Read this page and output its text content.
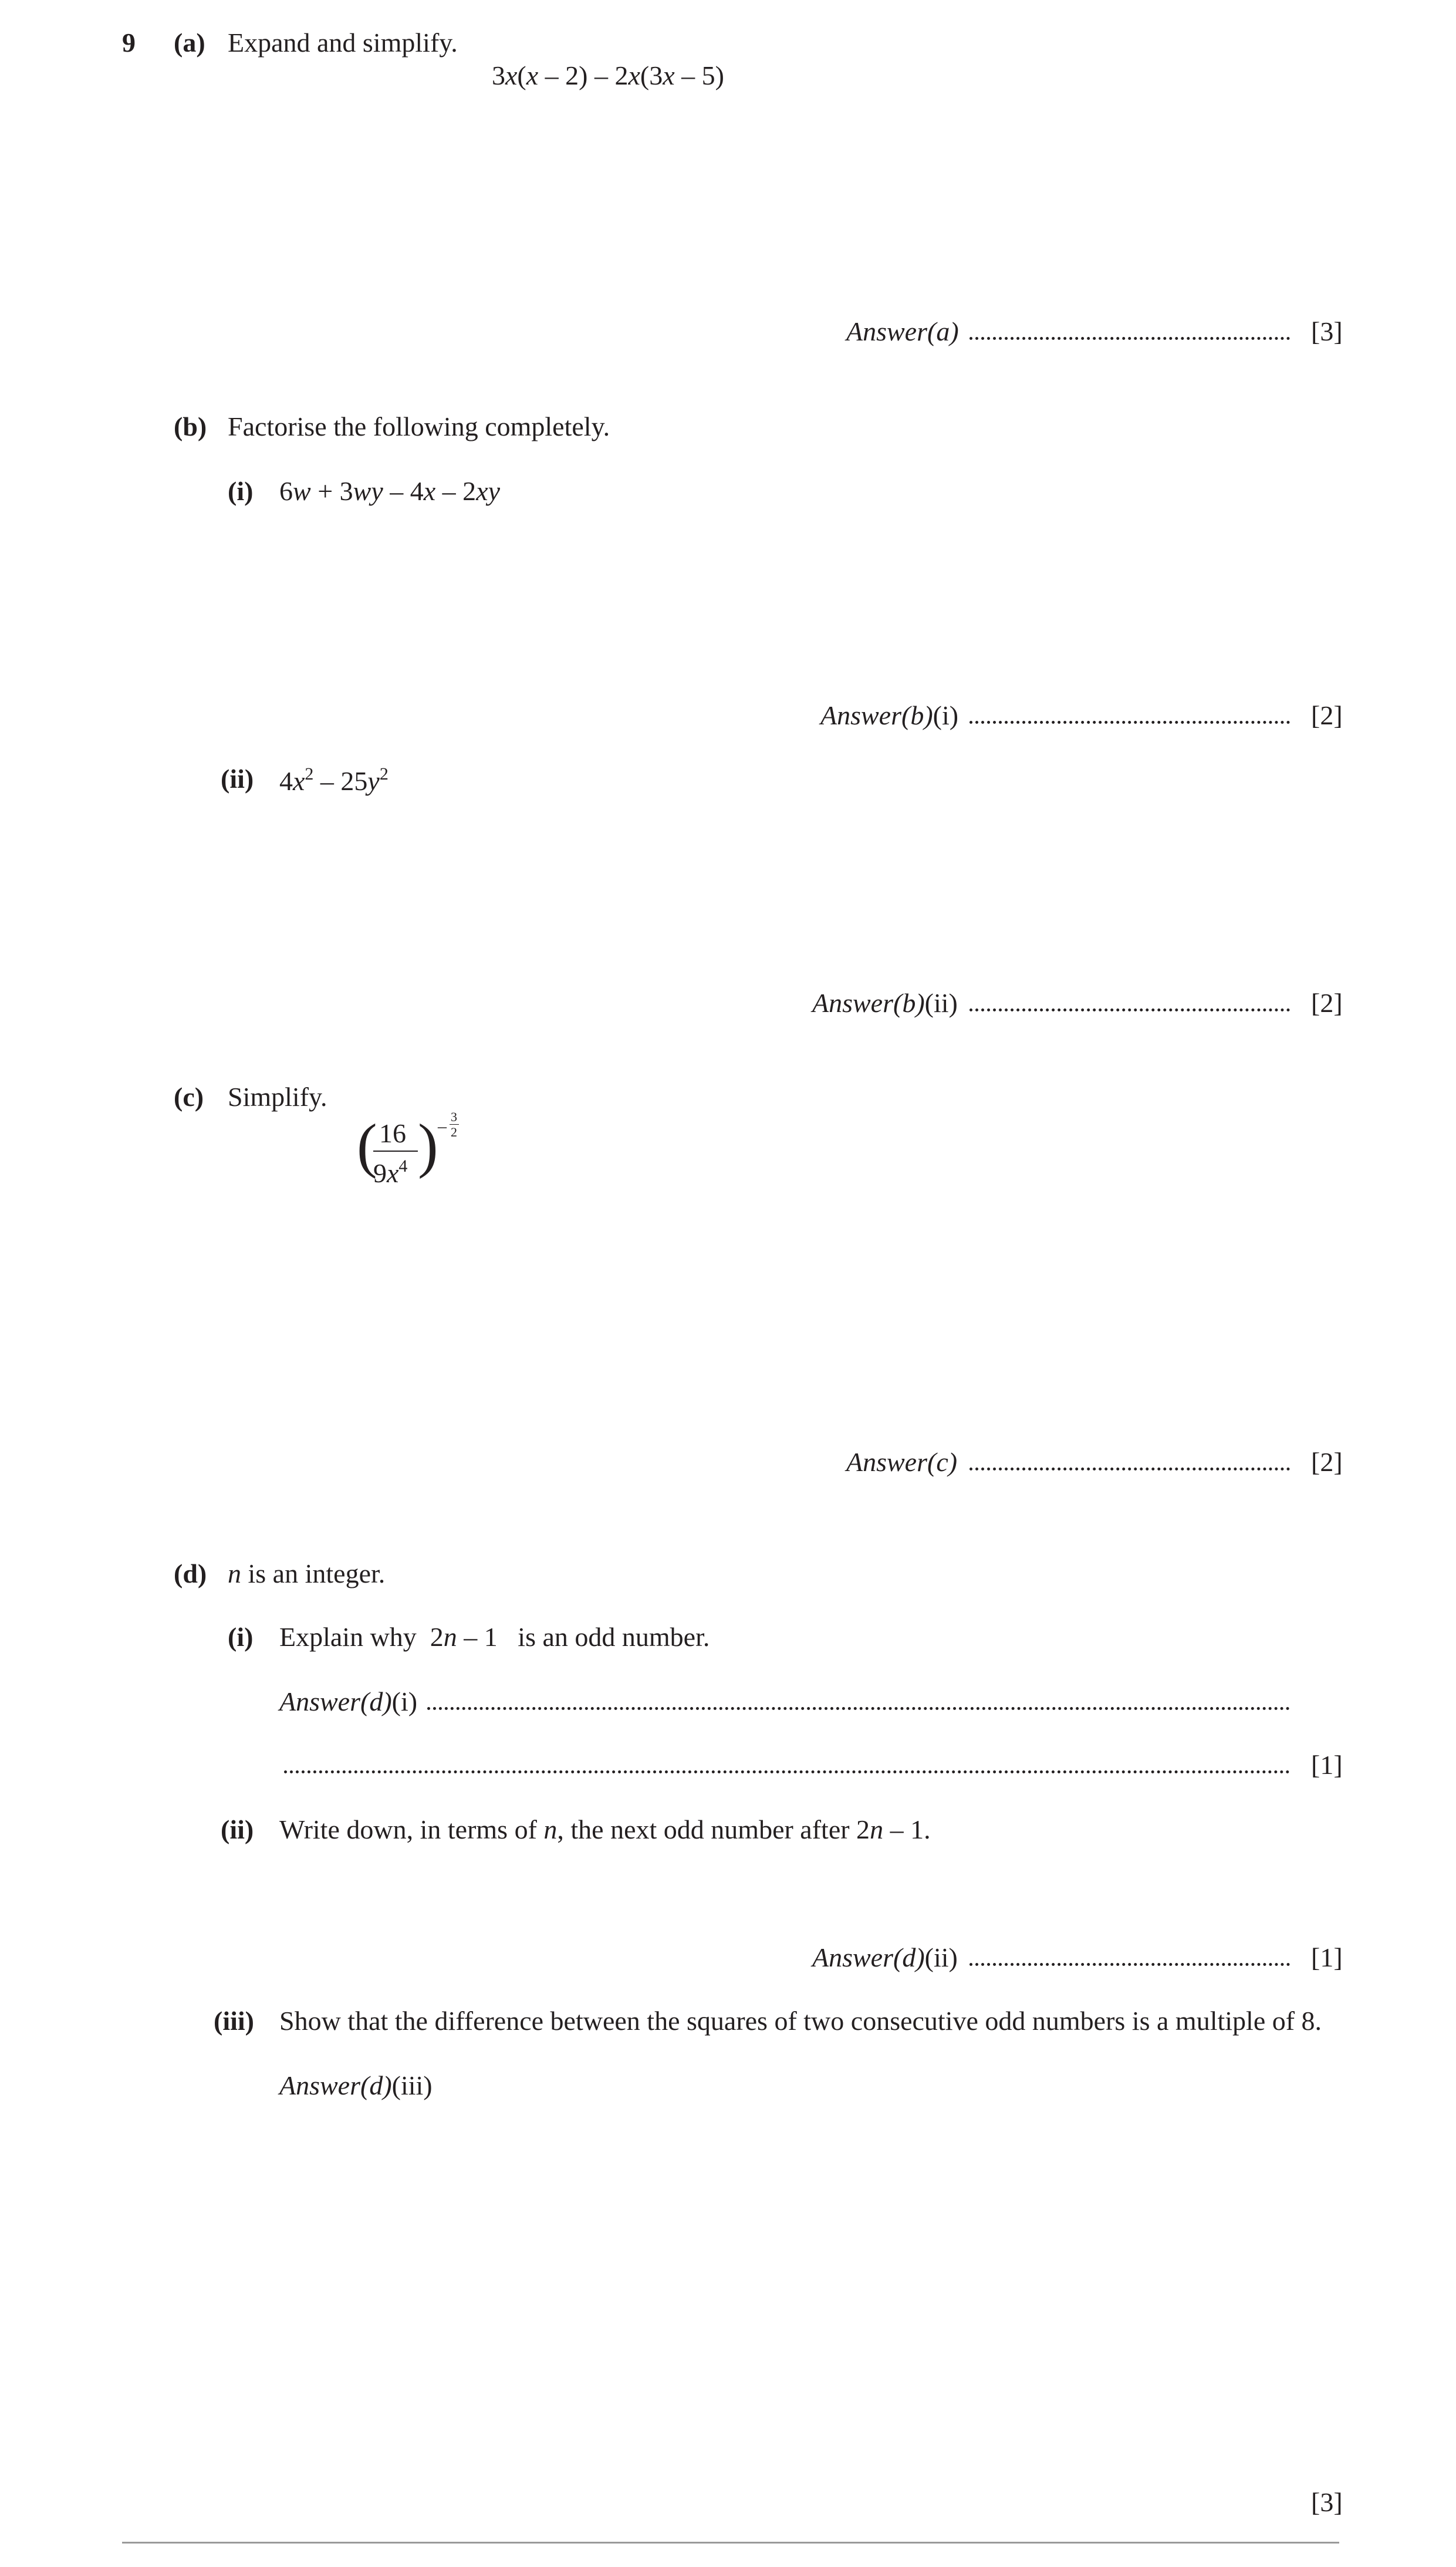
9 (a) Expand and simplify.
3x(x – 2) – 2x(3x – 5)
Answer(a)	[3]
(b) Factorise the following completely.
(i) 6w + 3wy – 4x – 2xy
Answer(b)(i)	[2]
(ii) $4x^2 - 25y^2$
Answer(b)(ii)	[2]
(c) Simplify.
( 16
$9x^4$ ) – 3
2
Answer(c)	[2]
(d) n is an integer.
(i) Explain why  2n – 1   is an odd number.
Answer(d)(i)
[1]
(ii) Write down, in terms of n, the next odd number after 2n – 1.
Answer(d)(ii)	[1]
(iii) Show that the difference between the squares of two consecutive odd numbers is a multiple of 8.
Answer(d)(iii)
[3]
